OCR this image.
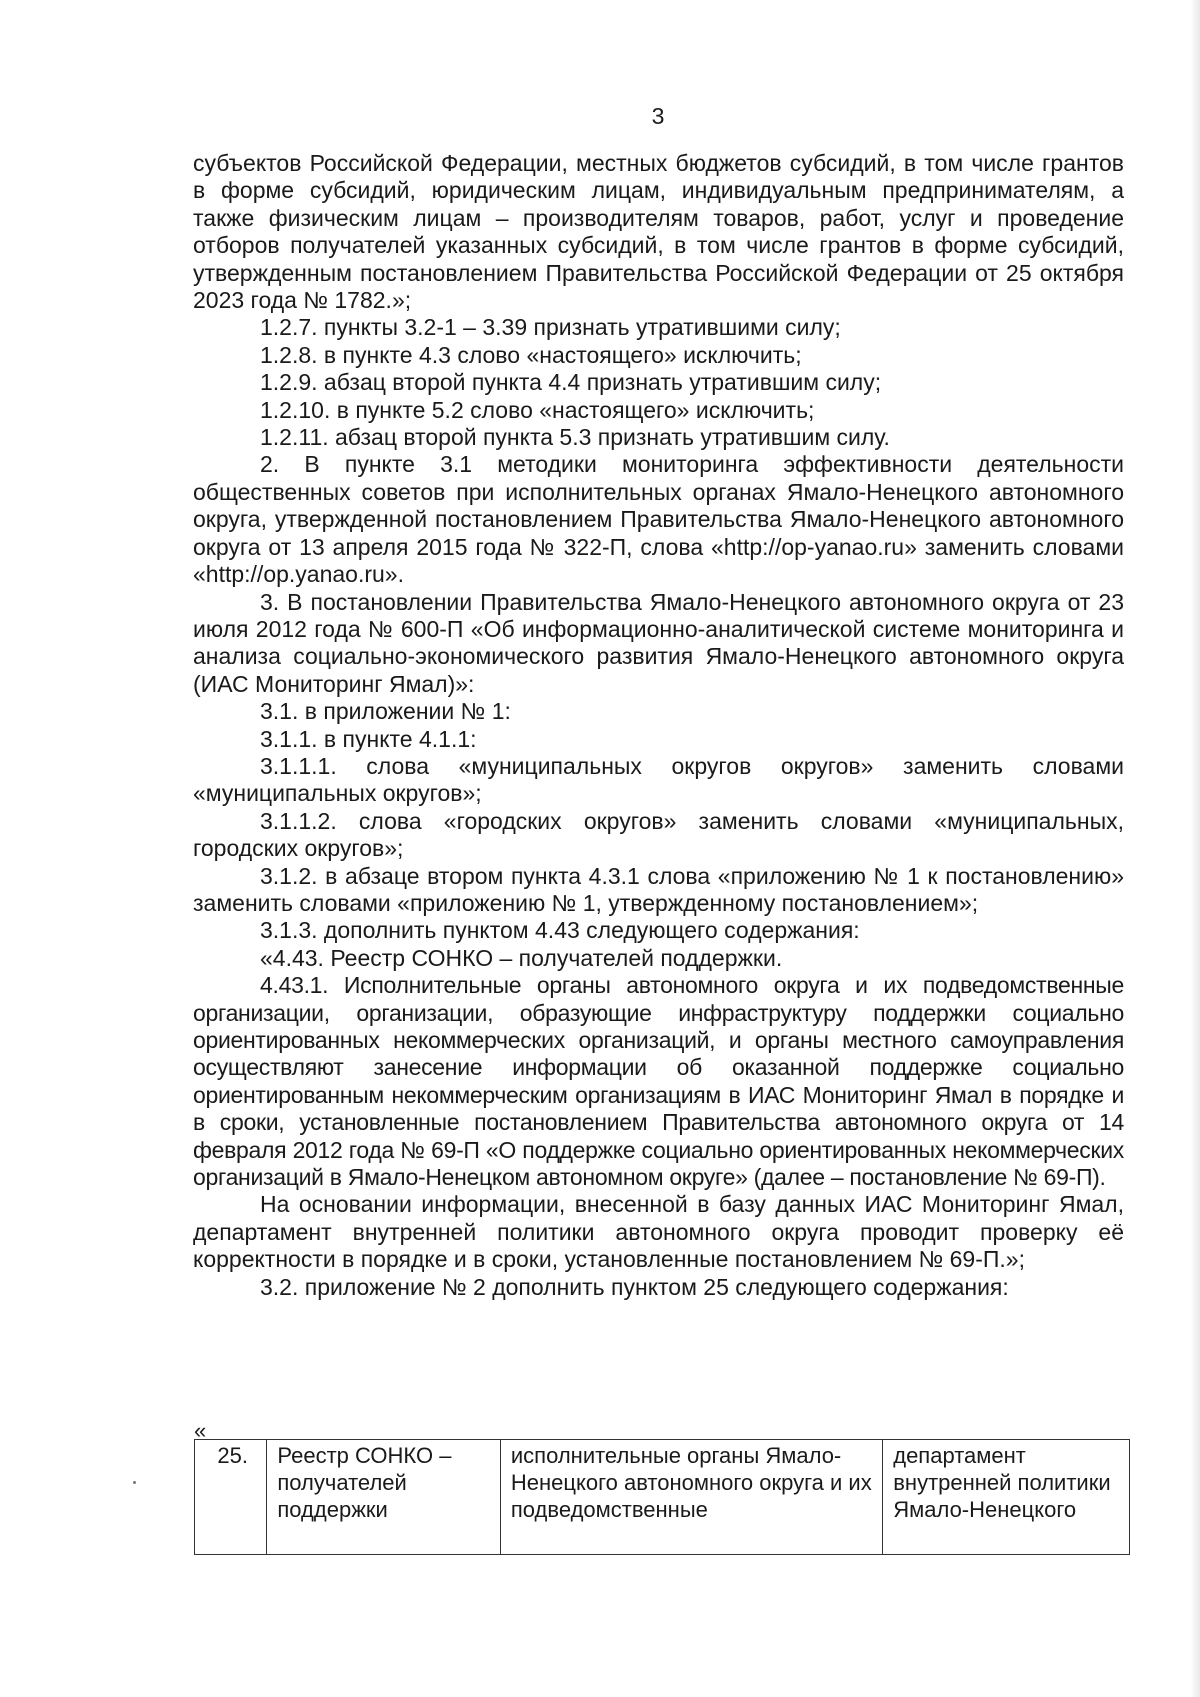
3

субъектов Российской Федерации, местных бюджетов субсидий, в том числе грантов в форме субсидий, юридическим лицам, индивидуальным предпринимателям, а также физическим лицам – производителям товаров, работ, услуг и проведение отборов получателей указанных субсидий, в том числе грантов в форме субсидий, утвержденным постановлением Правительства Российской Федерации от 25 октября 2023 года № 1782.»;

1.2.7. пункты 3.2-1 – 3.39 признать утратившими силу;

1.2.8. в пункте 4.3 слово «настоящего» исключить;

1.2.9. абзац второй пункта 4.4 признать утратившим силу;

1.2.10. в пункте 5.2 слово «настоящего» исключить;

1.2.11. абзац второй пункта 5.3 признать утратившим силу.

2. В пункте 3.1 методики мониторинга эффективности деятельности общественных советов при исполнительных органах Ямало-Ненецкого автономного округа, утвержденной постановлением Правительства Ямало-Ненецкого автономного округа от 13 апреля 2015 года № 322-П, слова «http://op-yanao.ru» заменить словами «http://op.yanao.ru».

3. В постановлении Правительства Ямало-Ненецкого автономного округа от 23 июля 2012 года № 600-П «Об информационно-аналитической системе мониторинга и анализа социально-экономического развития Ямало-Ненецкого автономного округа (ИАС Мониторинг Ямал)»:

3.1. в приложении № 1:

3.1.1. в пункте 4.1.1:

3.1.1.1. слова «муниципальных округов округов» заменить словами «муниципальных округов»;

3.1.1.2. слова «городских округов» заменить словами «муниципальных, городских округов»;

3.1.2. в абзаце втором пункта 4.3.1 слова «приложению № 1 к постановлению» заменить словами «приложению № 1, утвержденному постановлением»;

3.1.3. дополнить пунктом 4.43 следующего содержания:

«4.43. Реестр СОНКО – получателей поддержки.

4.43.1. Исполнительные органы автономного округа и их подведомственные организации, организации, образующие инфраструктуру поддержки социально ориентированных некоммерческих организаций, и органы местного самоуправления осуществляют занесение информации об оказанной поддержке социально ориентированным некоммерческим организациям в ИАС Мониторинг Ямал в порядке и в сроки, установленные постановлением Правительства автономного округа от 14 февраля 2012 года № 69-П «О поддержке социально ориентированных некоммерческих организаций в Ямало-Ненецком автономном округе» (далее – постановление № 69-П).

На основании информации, внесенной в базу данных ИАС Мониторинг Ямал, департамент внутренней политики автономного округа проводит проверку её корректности в порядке и в сроки, установленные постановлением № 69-П.»;

3.2. приложение № 2 дополнить пунктом 25 следующего содержания:

«
25.	Реестр СОНКО – получателей поддержки	исполнительные органы Ямало-Ненецкого автономного округа и их подведомственные	департамент внутренней политики Ямало-Ненецкого
